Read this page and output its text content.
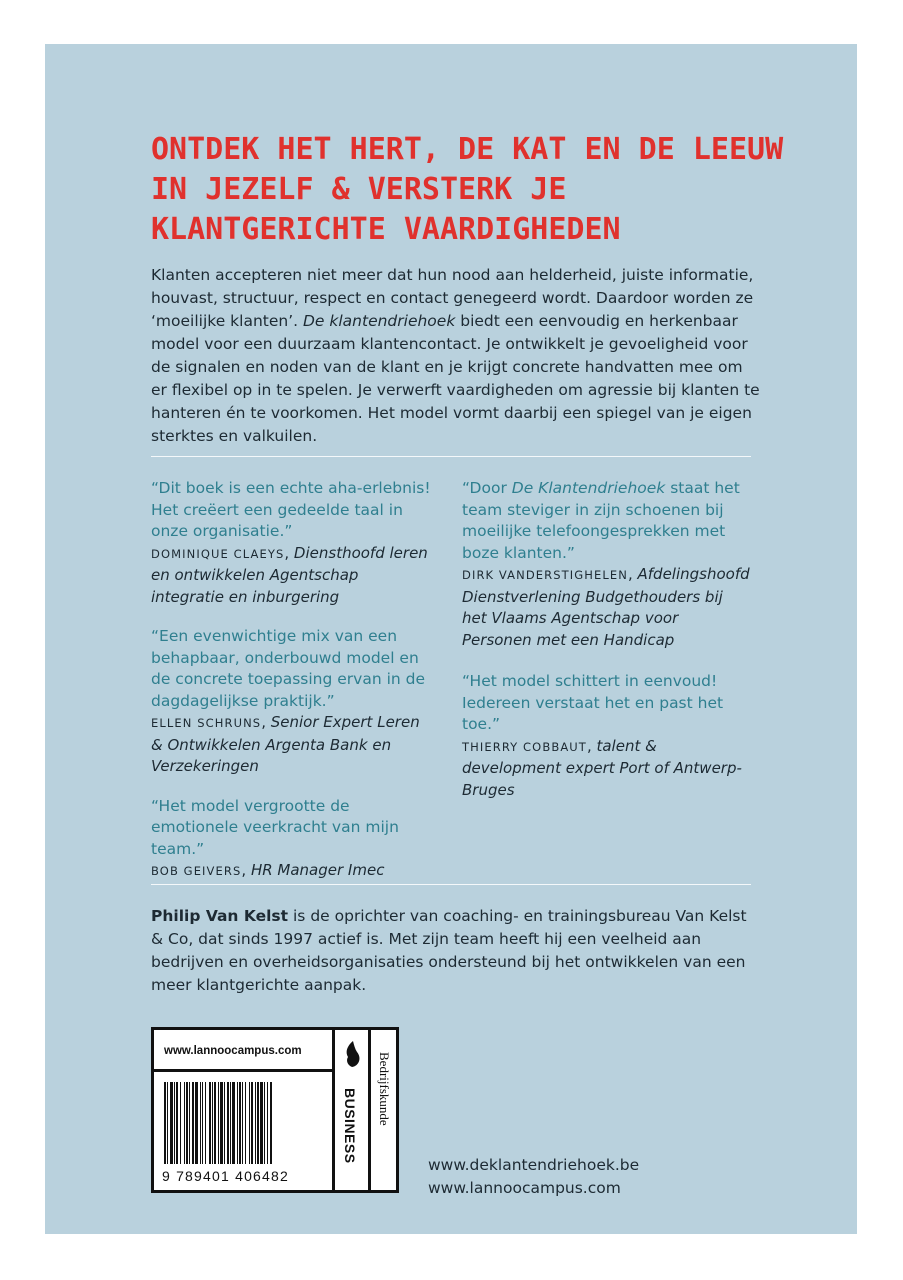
ONTDEK HET HERT, DE KAT EN DE LEEUW
IN JEZELF & VERSTERK JE
KLANTGERICHTE VAARDIGHEDEN

Klanten accepteren niet meer dat hun nood aan helderheid, juiste informatie, houvast, structuur, respect en contact genegeerd wordt. Daardoor worden ze ‘moeilijke klanten’. De klantendriehoek biedt een eenvoudig en herkenbaar model voor een duurzaam klantencontact. Je ontwikkelt je gevoeligheid voor de signalen en noden van de klant en je krijgt concrete handvatten mee om er flexibel op in te spelen. Je verwerft vaardigheden om agressie bij klanten te hanteren én te voorkomen. Het model vormt daarbij een spiegel van je eigen sterktes en valkuilen.

“Dit boek is een echte aha-erlebnis! Het creëert een gedeelde taal in onze organisatie.”

DOMINIQUE CLAEYS, Diensthoofd leren en ontwikkelen Agentschap integratie en inburgering

“Een evenwichtige mix van een behapbaar, onderbouwd model en de concrete toepassing ervan in de dagdagelijkse praktijk.”

ELLEN SCHRUNS, Senior Expert Leren & Ontwikkelen Argenta Bank en Verzekeringen

“Het model vergrootte de emotionele veerkracht van mijn team.”

BOB GEIVERS, HR Manager Imec

“Door De Klantendriehoek staat het team steviger in zijn schoenen bij moeilijke telefoongesprekken met boze klanten.”

DIRK VANDERSTIGHELEN, Afdelingshoofd Dienstverlening Budgethouders bij het Vlaams Agentschap voor Personen met een Handicap

“Het model schittert in eenvoud! Iedereen verstaat het en past het toe.”

THIERRY COBBAUT, talent & development expert Port of Antwerp-Bruges

Philip Van Kelst is de oprichter van coaching- en trainingsbureau Van Kelst & Co, dat sinds 1997 actief is. Met zijn team heeft hij een veelheid aan bedrijven en overheidsorganisaties ondersteund bij het ontwikkelen van een meer klantgerichte aanpak.

www.lannoocampus.com
9 789401 406482
BUSINESS Bedrijfskunde
www.deklantendriehoek.be
www.lannoocampus.com
